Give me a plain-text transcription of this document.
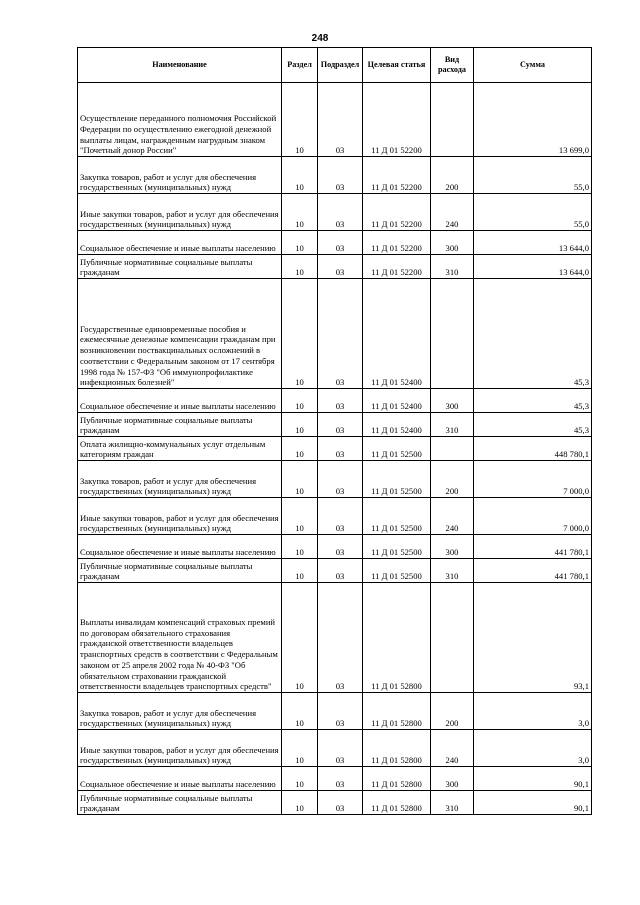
248
Наименование	Раздел	Подраздел	Целевая статья	Вид расхода	Сумма
Осуществление переданного полномочия Российской Федерации по осуществлению ежегодной денежной выплаты лицам, награжденным нагрудным знаком "Почетный донор России"	10	03	11 Д 01 52200		13 699,0
Закупка товаров, работ и услуг для обеспечения государственных (муниципальных) нужд	10	03	11 Д 01 52200	200	55,0
Иные закупки товаров, работ и услуг для обеспечения государственных (муниципальных) нужд	10	03	11 Д 01 52200	240	55,0
Социальное обеспечение и иные выплаты населению	10	03	11 Д 01 52200	300	13 644,0
Публичные нормативные социальные выплаты гражданам	10	03	11 Д 01 52200	310	13 644,0
Государственные единовременные пособия и ежемесячные денежные компенсации гражданам при возникновении поствакцинальных осложнений в соответствии с Федеральным законом от 17 сентября 1998 года № 157-ФЗ "Об иммунопрофилактике инфекционных болезней"	10	03	11 Д 01 52400		45,3
Социальное обеспечение и иные выплаты населению	10	03	11 Д 01 52400	300	45,3
Публичные нормативные социальные выплаты гражданам	10	03	11 Д 01 52400	310	45,3
Оплата жилищно-коммунальных услуг отдельным категориям граждан	10	03	11 Д 01 52500		448 780,1
Закупка товаров, работ и услуг для обеспечения государственных (муниципальных) нужд	10	03	11 Д 01 52500	200	7 000,0
Иные закупки товаров, работ и услуг для обеспечения государственных (муниципальных) нужд	10	03	11 Д 01 52500	240	7 000,0
Социальное обеспечение и иные выплаты населению	10	03	11 Д 01 52500	300	441 780,1
Публичные нормативные социальные выплаты гражданам	10	03	11 Д 01 52500	310	441 780,1
Выплаты инвалидам компенсаций страховых премий по договорам обязательного страхования гражданской ответственности владельцев транспортных средств в соответствии с Федеральным законом от 25 апреля 2002 года № 40-ФЗ "Об обязательном страховании гражданской ответственности владельцев транспортных средств"	10	03	11 Д 01 52800		93,1
Закупка товаров, работ и услуг для обеспечения государственных (муниципальных) нужд	10	03	11 Д 01 52800	200	3,0
Иные закупки товаров, работ и услуг для обеспечения государственных (муниципальных) нужд	10	03	11 Д 01 52800	240	3,0
Социальное обеспечение и иные выплаты населению	10	03	11 Д 01 52800	300	90,1
Публичные нормативные социальные выплаты гражданам	10	03	11 Д 01 52800	310	90,1
